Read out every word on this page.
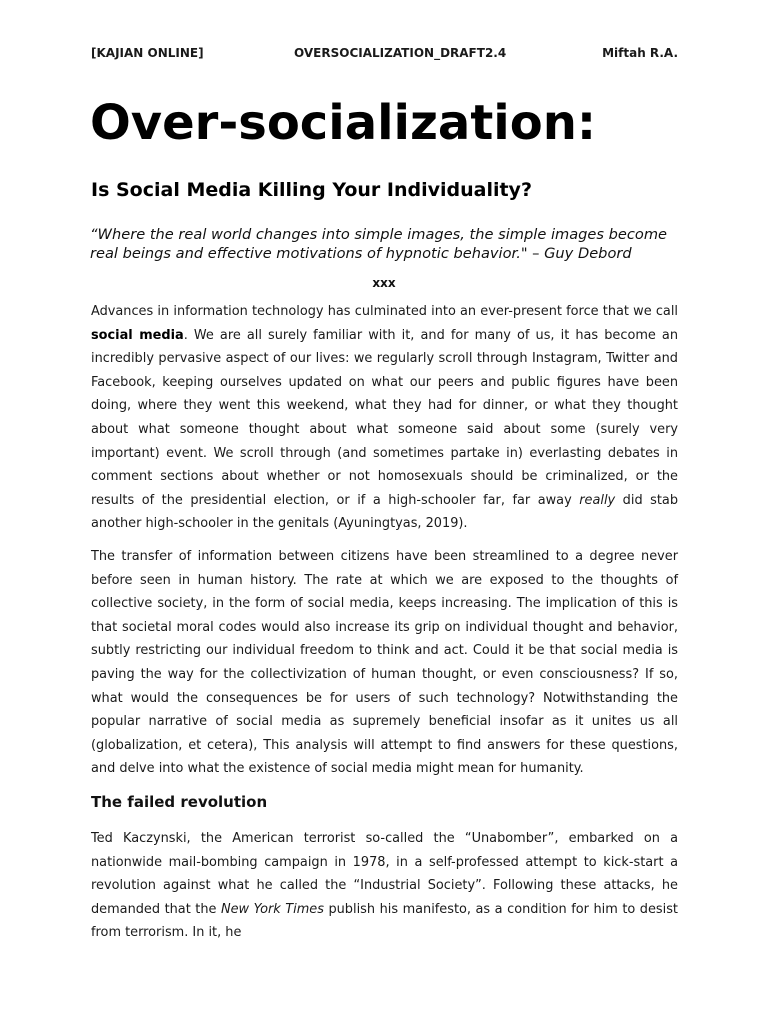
[KAJIAN ONLINE]	OVERSOCIALIZATION_DRAFT2.4	Miftah R.A.
Over-socialization:
Is Social Media Killing Your Individuality?

“Where the real world changes into simple images, the simple images become real beings and effective motivations of hypnotic behavior." – Guy Debord

xxx

Advances in information technology has culminated into an ever-present force that we call social media. We are all surely familiar with it, and for many of us, it has become an incredibly pervasive aspect of our lives: we regularly scroll through Instagram, Twitter and Facebook, keeping ourselves updated on what our peers and public figures have been doing, where they went this weekend, what they had for dinner, or what they thought about what someone thought about what someone said about some (surely very important) event. We scroll through (and sometimes partake in) everlasting debates in comment sections about whether or not homosexuals should be criminalized, or the results of the presidential election, or if a high-schooler far, far away really did stab another high-schooler in the genitals (Ayuningtyas, 2019).

The transfer of information between citizens have been streamlined to a degree never before seen in human history. The rate at which we are exposed to the thoughts of collective society, in the form of social media, keeps increasing. The implication of this is that societal moral codes would also increase its grip on individual thought and behavior, subtly restricting our individual freedom to think and act. Could it be that social media is paving the way for the collectivization of human thought, or even consciousness? If so, what would the consequences be for users of such technology? Notwithstanding the popular narrative of social media as supremely beneficial insofar as it unites us all (globalization, et cetera), This analysis will attempt to find answers for these questions, and delve into what the existence of social media might mean for humanity.

The failed revolution

Ted Kaczynski, the American terrorist so-called the “Unabomber”, embarked on a nationwide mail-bombing campaign in 1978, in a self-professed attempt to kick-start a revolution against what he called the “Industrial Society”. Following these attacks, he demanded that the New York Times publish his manifesto, as a condition for him to desist from terrorism. In it, he
